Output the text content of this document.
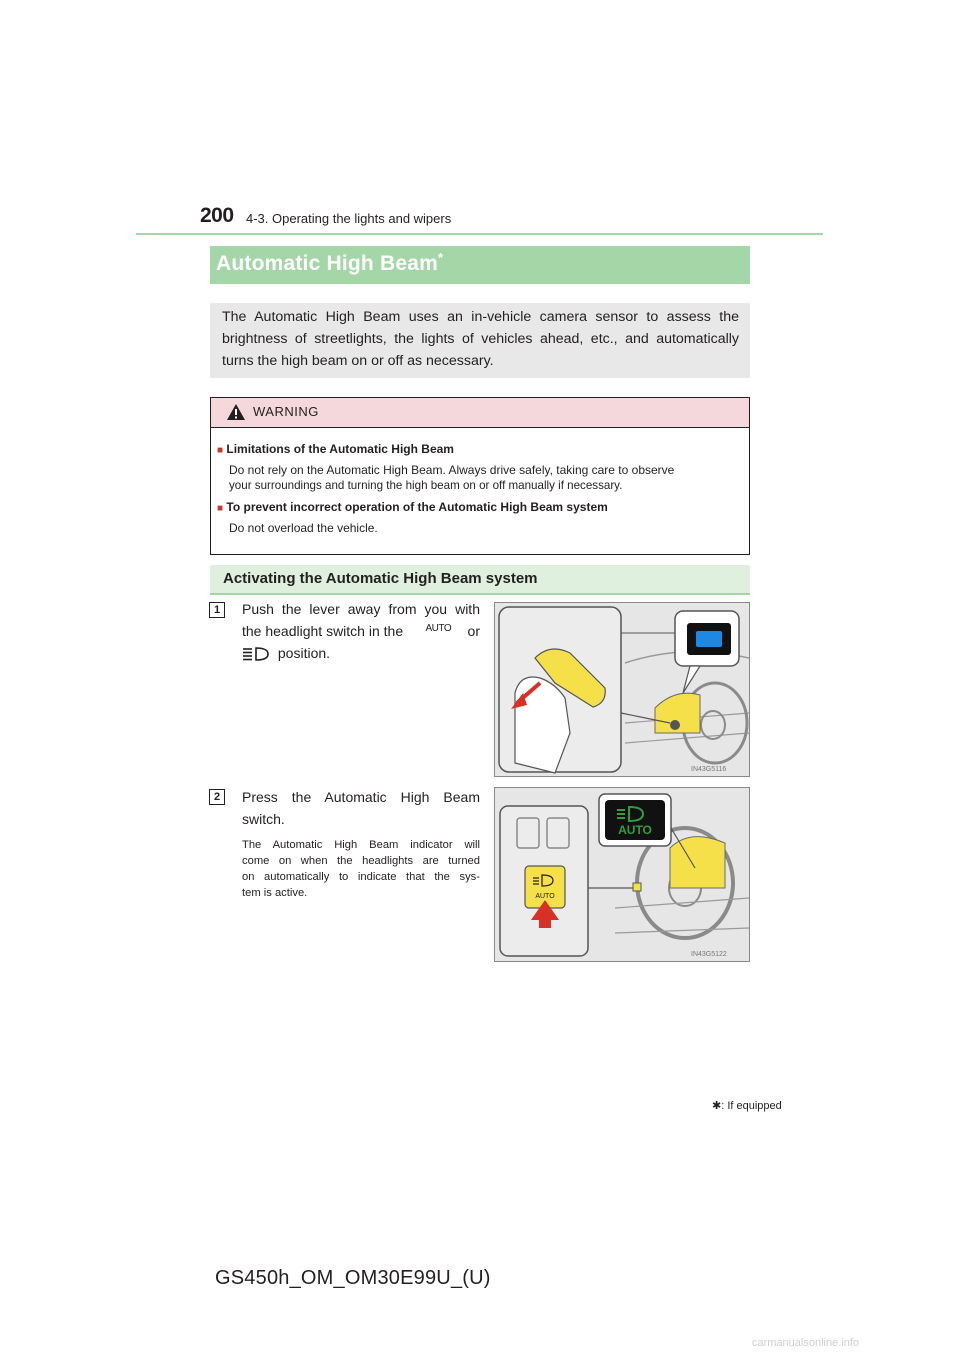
200 4-3. Operating the lights and wipers
Automatic High Beam*
The Automatic High Beam uses an in-vehicle camera sensor to assess the brightness of streetlights, the lights of vehicles ahead, etc., and automatically turns the high beam on or off as necessary.
WARNING
■ Limitations of the Automatic High Beam
Do not rely on the Automatic High Beam. Always drive safely, taking care to observe
your surroundings and turning the high beam on or off manually if necessary.
■ To prevent incorrect operation of the Automatic High Beam system
Do not overload the vehicle.
Activating the Automatic High Beam system
1	Push the lever away from you with
the headlight switch in the AUTO or
position.
IN43G5116
2	Press the Automatic High Beam
switch.
The Automatic High Beam indicator will
come on when the headlights are turned
on automatically to indicate that the sys-
tem is active.
AUTO
AUTO
IN43G5122
✱: If equipped
GS450h_OM_OM30E99U_(U)
carmanualsonline.info
